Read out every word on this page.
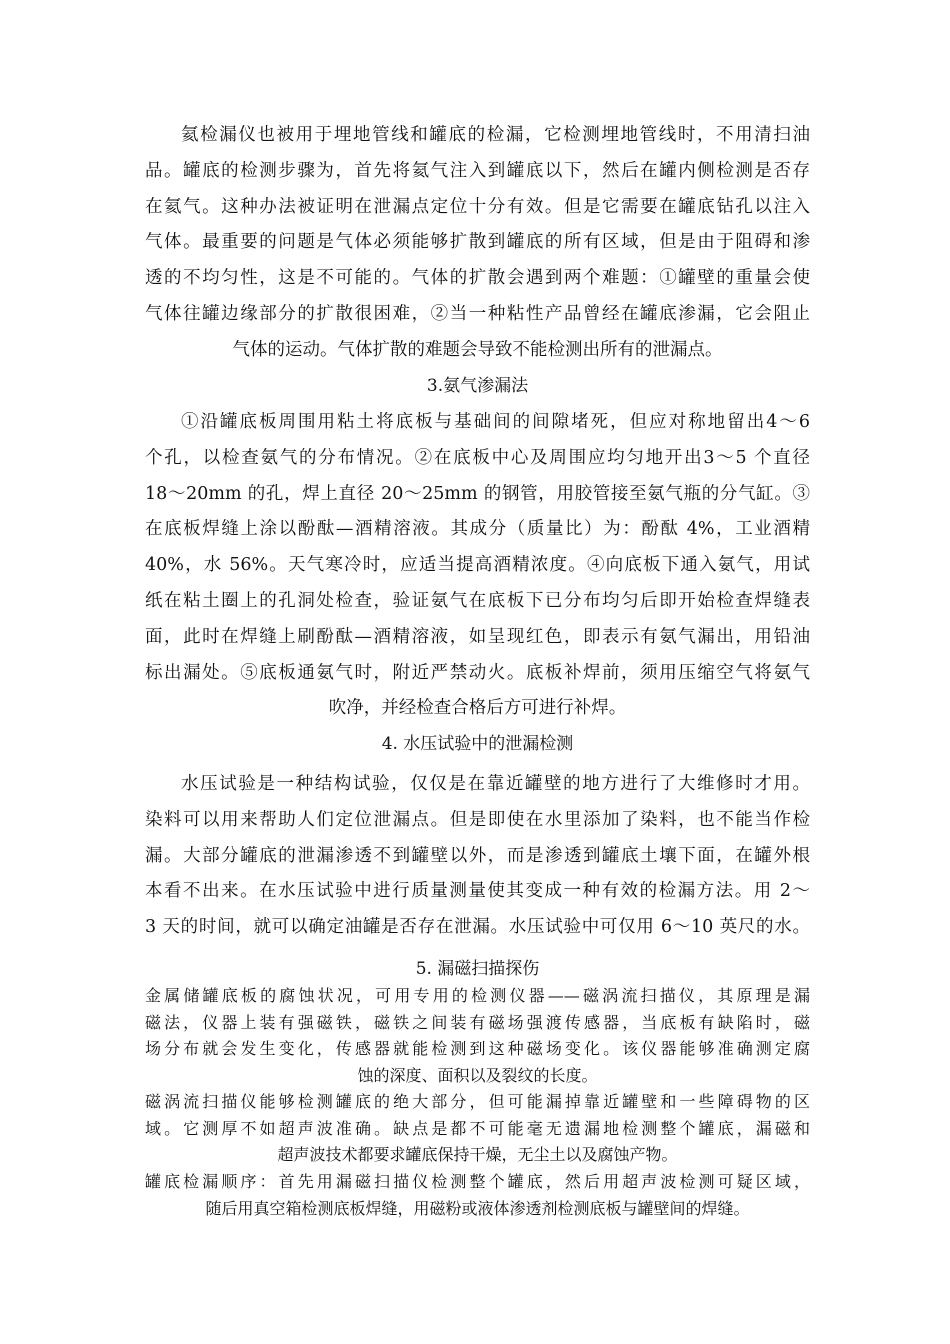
氦检漏仪也被用于埋地管线和罐底的检漏，它检测埋地管线时，不用清扫油
品。罐底的检测步骤为，首先将氦气注入到罐底以下，然后在罐内侧检测是否存
在氦气。这种办法被证明在泄漏点定位十分有效。但是它需要在罐底钻孔以注入
气体。最重要的问题是气体必须能够扩散到罐底的所有区域，但是由于阻碍和渗
透的不均匀性，这是不可能的。气体的扩散会遇到两个难题：①罐壁的重量会使
气体往罐边缘部分的扩散很困难，②当一种粘性产品曾经在罐底渗漏，它会阻止
气体的运动。气体扩散的难题会导致不能检测出所有的泄漏点。
3.氨气渗漏法
①沿罐底板周围用粘土将底板与基础间的间隙堵死，但应对称地留出4～6
个孔，以检查氨气的分布情况。②在底板中心及周围应均匀地开出3～5 个直径
18～20mm 的孔，焊上直径 20～25mm 的钢管，用胶管接至氨气瓶的分气缸。③
在底板焊缝上涂以酚酞—酒精溶液。其成分（质量比）为：酚酞 4%，工业酒精
40%，水 56%。天气寒冷时，应适当提高酒精浓度。④向底板下通入氨气，用试
纸在粘土圈上的孔洞处检查，验证氨气在底板下已分布均匀后即开始检查焊缝表
面，此时在焊缝上刷酚酞—酒精溶液，如呈现红色，即表示有氨气漏出，用铅油
标出漏处。⑤底板通氨气时，附近严禁动火。底板补焊前，须用压缩空气将氨气
吹净，并经检查合格后方可进行补焊。
4. 水压试验中的泄漏检测
水压试验是一种结构试验，仅仅是在靠近罐壁的地方进行了大维修时才用。
染料可以用来帮助人们定位泄漏点。但是即使在水里添加了染料，也不能当作检
漏。大部分罐底的泄漏渗透不到罐壁以外，而是渗透到罐底土壤下面，在罐外根
本看不出来。在水压试验中进行质量测量使其变成一种有效的检漏方法。用 2～
3 天的时间，就可以确定油罐是否存在泄漏。水压试验中可仅用 6～10 英尺的水。
5. 漏磁扫描探伤
金属储罐底板的腐蚀状况，可用专用的检测仪器——磁涡流扫描仪，其原理是漏
磁法，仪器上装有强磁铁，磁铁之间装有磁场强渡传感器，当底板有缺陷时，磁
场分布就会发生变化，传感器就能检测到这种磁场变化。该仪器能够准确测定腐
蚀的深度、面积以及裂纹的长度。
磁涡流扫描仪能够检测罐底的绝大部分，但可能漏掉靠近罐壁和一些障碍物的区
域。它测厚不如超声波准确。缺点是都不可能毫无遗漏地检测整个罐底，漏磁和
超声波技术都要求罐底保持干燥，无尘土以及腐蚀产物。
罐底检漏顺序：首先用漏磁扫描仪检测整个罐底，然后用超声波检测可疑区域，
随后用真空箱检测底板焊缝，用磁粉或液体渗透剂检测底板与罐壁间的焊缝。
